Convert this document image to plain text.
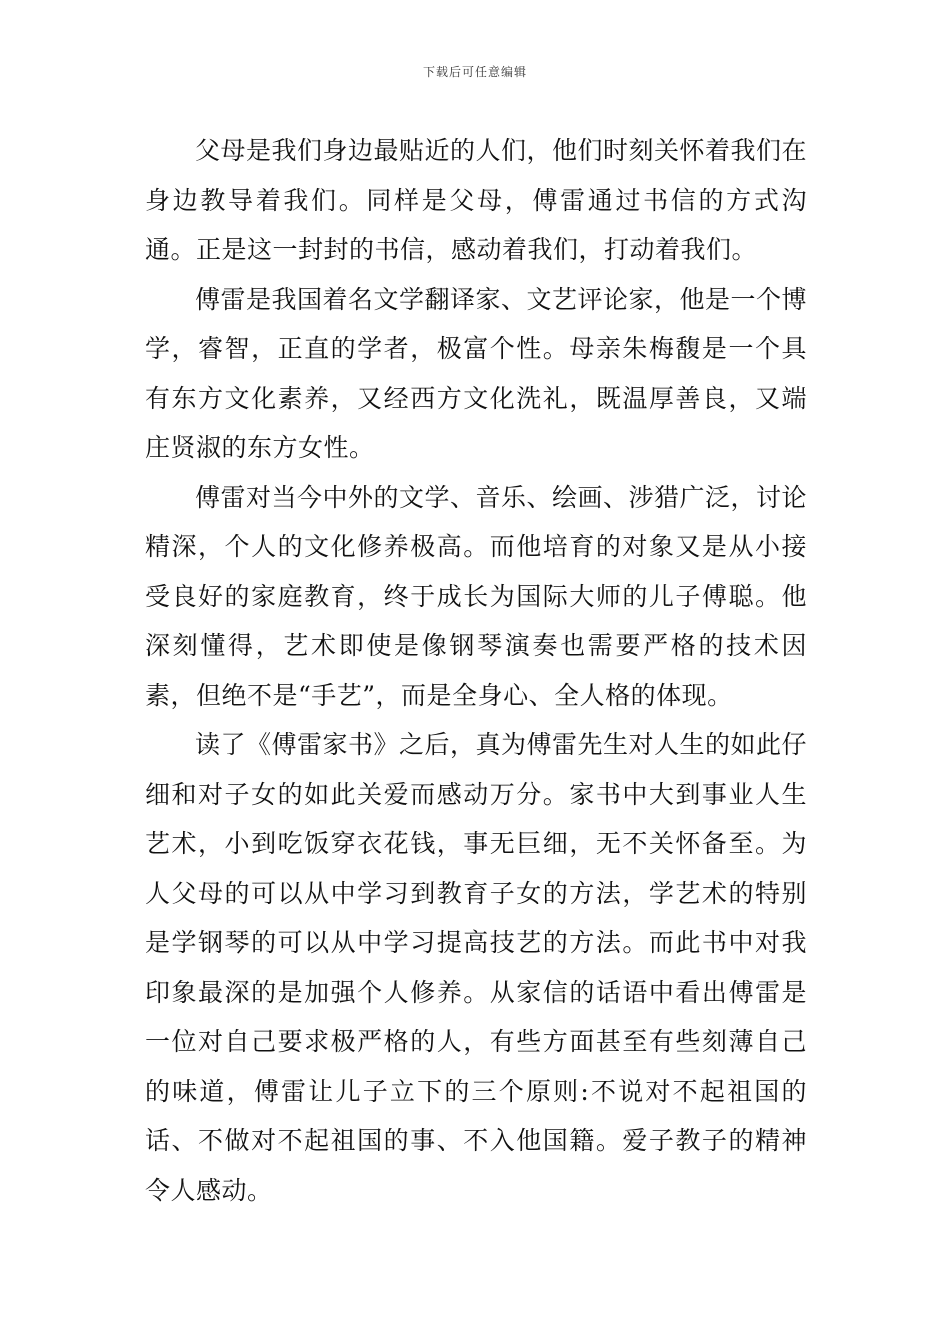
下载后可任意编辑

父母是我们身边最贴近的人们，他们时刻关怀着我们在身边教导着我们。同样是父母，傅雷通过书信的方式沟通。正是这一封封的书信，感动着我们，打动着我们。

傅雷是我国着名文学翻译家、文艺评论家，他是一个博学，睿智，正直的学者，极富个性。母亲朱梅馥是一个具有东方文化素养，又经西方文化洗礼，既温厚善良，又端庄贤淑的东方女性。

傅雷对当今中外的文学、音乐、绘画、涉猎广泛，讨论精深，个人的文化修养极高。而他培育的对象又是从小接受良好的家庭教育，终于成长为国际大师的儿子傅聪。他深刻懂得，艺术即使是像钢琴演奏也需要严格的技术因素，但绝不是“手艺”，而是全身心、全人格的体现。

读了《傅雷家书》之后，真为傅雷先生对人生的如此仔细和对子女的如此关爱而感动万分。家书中大到事业人生艺术，小到吃饭穿衣花钱，事无巨细，无不关怀备至。为人父母的可以从中学习到教育子女的方法，学艺术的特别是学钢琴的可以从中学习提高技艺的方法。而此书中对我印象最深的是加强个人修养。从家信的话语中看出傅雷是一位对自己要求极严格的人，有些方面甚至有些刻薄自己的味道，傅雷让儿子立下的三个原则:不说对不起祖国的话、不做对不起祖国的事、不入他国籍。爱子教子的精神令人感动。
